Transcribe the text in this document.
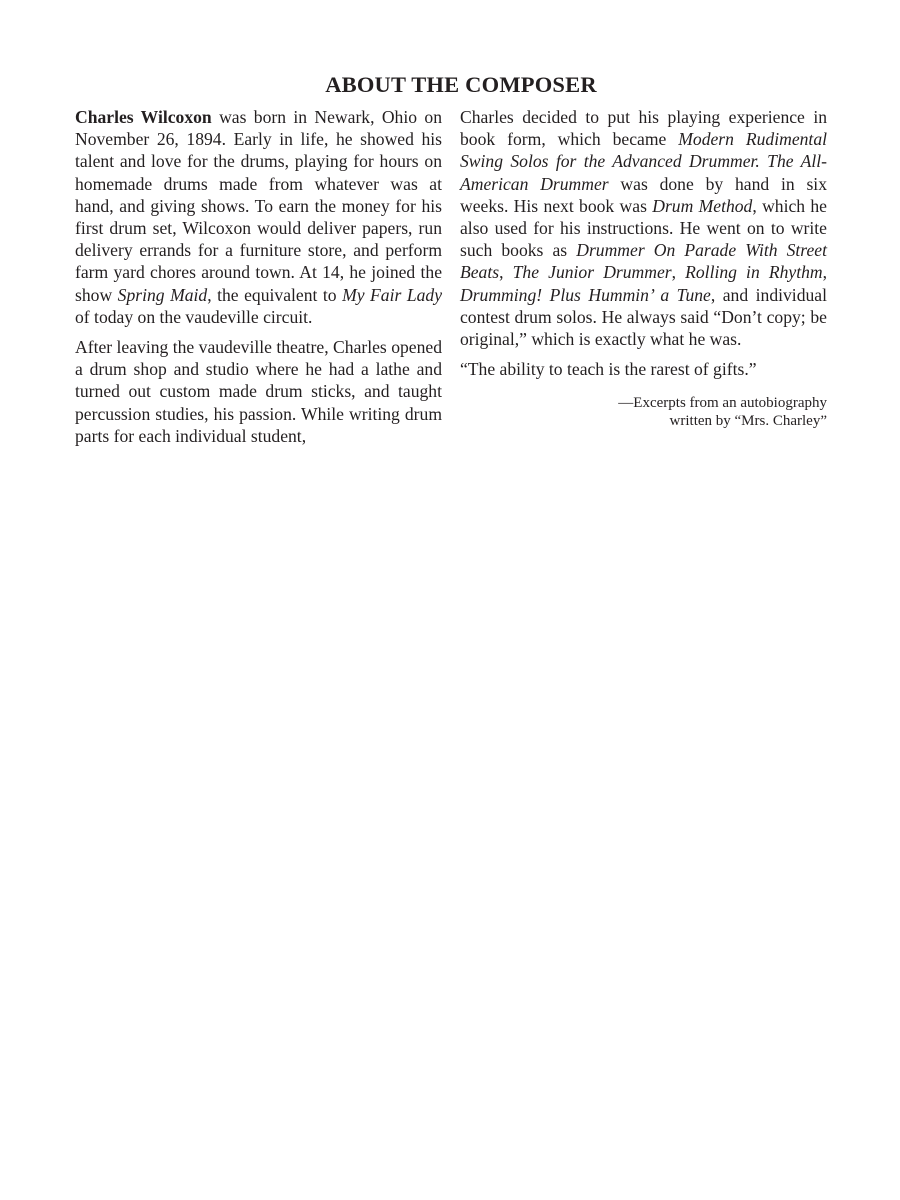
ABOUT THE COMPOSER

Charles Wilcoxon was born in Newark, Ohio on November 26, 1894. Early in life, he showed his talent and love for the drums, playing for hours on homemade drums made from whatever was at hand, and giving shows. To earn the money for his first drum set, Wilcoxon would deliver papers, run delivery errands for a furniture store, and perform farm yard chores around town. At 14, he joined the show Spring Maid, the equivalent to My Fair Lady of today on the vaudeville circuit.

After leaving the vaudeville theatre, Charles opened a drum shop and studio where he had a lathe and turned out custom made drum sticks, and taught percussion studies, his passion. While writing drum parts for each individual student,

Charles decided to put his playing experience in book form, which became Modern Rudimental Swing Solos for the Advanced Drummer. The All-American Drummer was done by hand in six weeks. His next book was Drum Method, which he also used for his instructions. He went on to write such books as Drummer On Parade With Street Beats, The Junior Drummer, Rolling in Rhythm, Drumming! Plus Hummin’ a Tune, and individual contest drum solos. He always said “Don’t copy; be original,” which is exactly what he was.

“The ability to teach is the rarest of gifts.”

—Excerpts from an autobiography
written by “Mrs. Charley”
